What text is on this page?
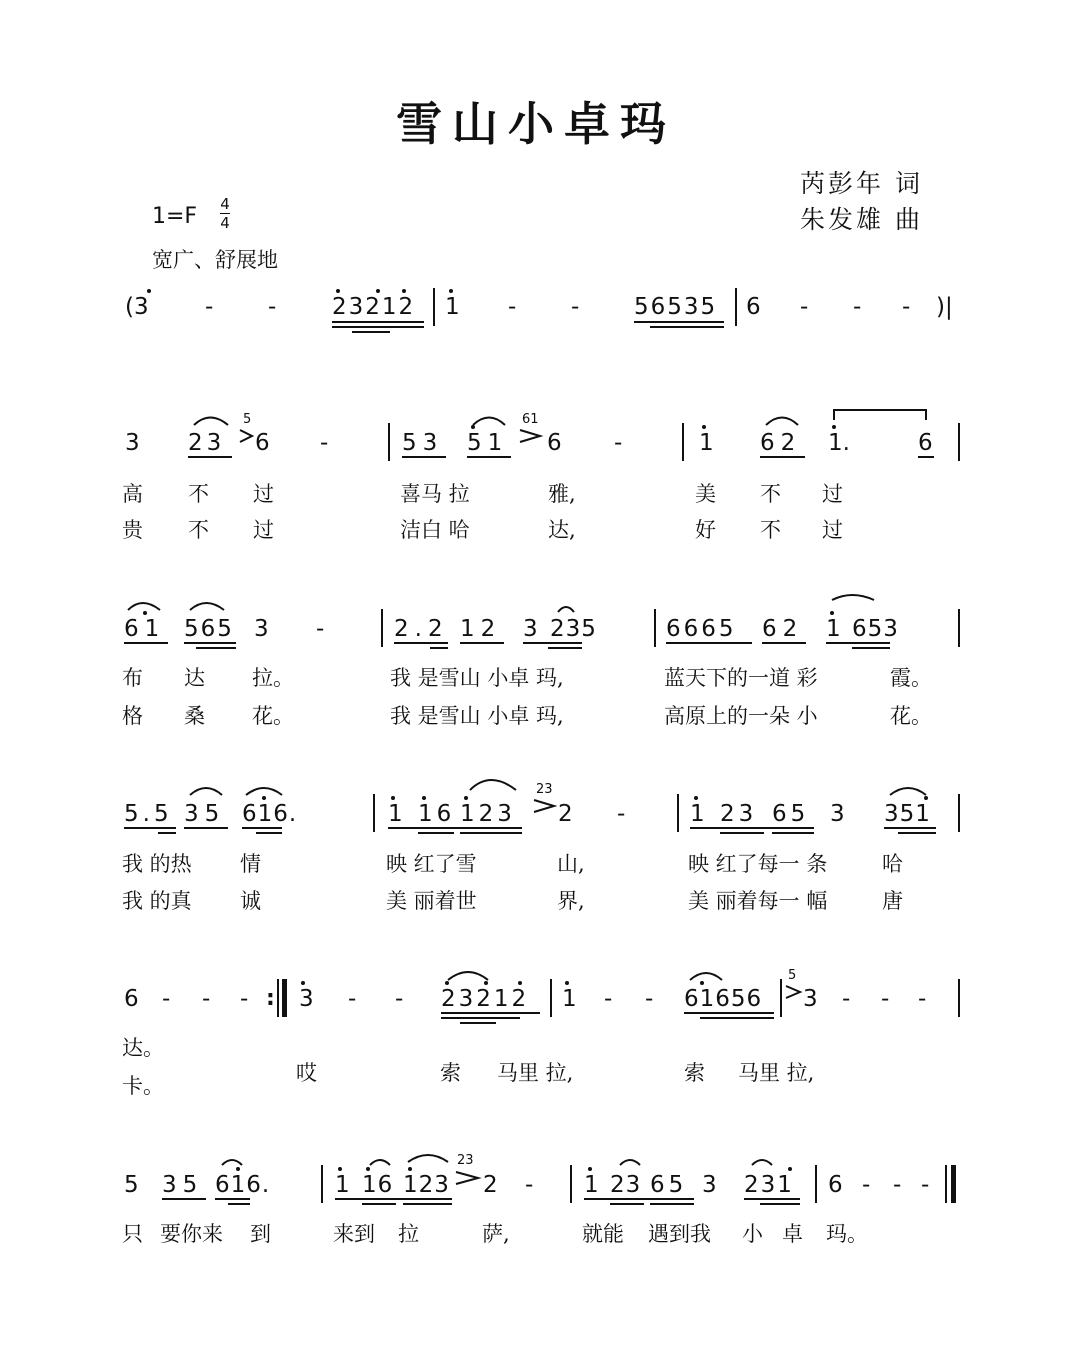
雪山小卓玛
芮彭年 词
朱发雄 曲
1=F 4
4
宽广、舒展地
(3 - - 23212 1 - - 56535 6 - - - )|
3 23
5
6 -	53 51
61
6 -	1 62 1.	6
高 不 过	喜马 拉	雅,	美 不 过
贵 不 过	洁白 哈	达,	好 不 过
61 565 3 -	2.2 12 3 235	6665 62 1 653
布 达 拉。	我 是雪山 小卓 玛,	蓝天下的一道 彩	霞。
格 桑 花。	我 是雪山 小卓 玛,	高原上的一朵 小	花。
5.5 35 616.	1 16 123
23
2 -	1 23 65 3 351
我 的热 情	映 红了雪	山,	映 红了每一 条	哈
我 的真 诚	美 丽着世	界,	美 丽着每一 幅	唐
6 - - - : 3 - - 23212 1 - - 61656
5
3 - - -
达。
卡。
哎	索 马里 拉,	索 马里 拉,
5 35 616.	1 16 123
23
2 - 1 23 65 3 231 6 - - -
只 要你来 到	来到 拉	萨,	就能 遇到我 小 卓 玛。
